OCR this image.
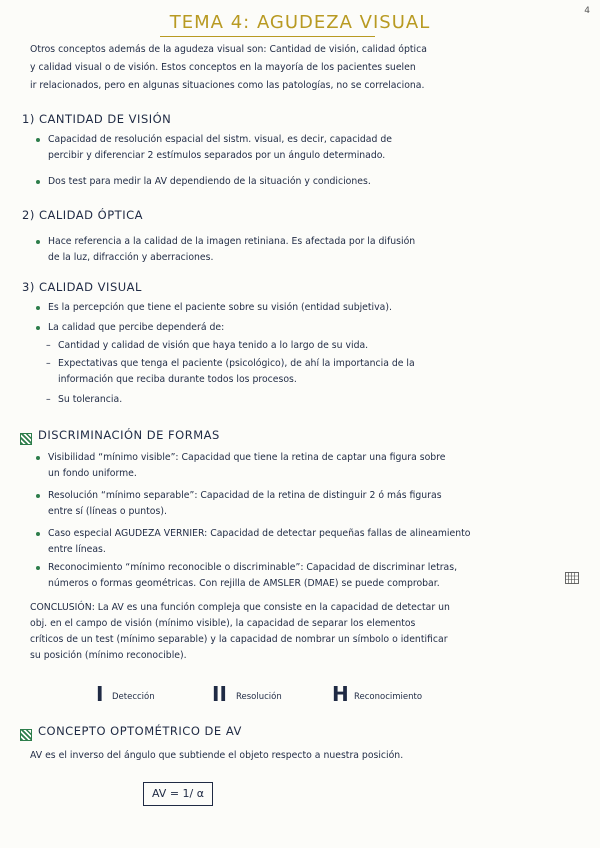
4
TEMA 4: AGUDEZA VISUAL
Otros conceptos además de la agudeza visual son: Cantidad de visión, calidad óptica
y calidad visual o de visión. Estos conceptos en la mayoría de los pacientes suelen
ir relacionados, pero en algunas situaciones como las patologías, no se correlaciona.
1) CANTIDAD DE VISIÓN
Capacidad de resolución espacial del sistm. visual, es decir, capacidad de
percibir y diferenciar 2 estímulos separados por un ángulo determinado.
Dos test para medir la AV dependiendo de la situación y condiciones.
2) CALIDAD ÓPTICA
Hace referencia a la calidad de la imagen retiniana. Es afectada por la difusión
de la luz, difracción y aberraciones.
3) CALIDAD VISUAL
Es la percepción que tiene el paciente sobre su visión (entidad subjetiva).
La calidad que percibe dependerá de:
– Cantidad y calidad de visión que haya tenido a lo largo de su vida.
– Expectativas que tenga el paciente (psicológico), de ahí la importancia de la
información que reciba durante todos los procesos.
– Su tolerancia.
DISCRIMINACIÓN DE FORMAS
Visibilidad “mínimo visible”: Capacidad que tiene la retina de captar una figura sobre
un fondo uniforme.
Resolución “mínimo separable”: Capacidad de la retina de distinguir 2 ó más figuras
entre sí (líneas o puntos).
Caso especial AGUDEZA VERNIER: Capacidad de detectar pequeñas fallas de alineamiento
entre líneas.
Reconocimiento “mínimo reconocible o discriminable”: Capacidad de discriminar letras,
números o formas geométricas. Con rejilla de AMSLER (DMAE) se puede comprobar.
CONCLUSIÓN: La AV es una función compleja que consiste en la capacidad de detectar un
obj. en el campo de visión (mínimo visible), la capacidad de separar los elementos
críticos de un test (mínimo separable) y la capacidad de nombrar un símbolo o identificar
su posición (mínimo reconocible).
I Detección	II Resolución	H Reconocimiento
CONCEPTO OPTOMÉTRICO DE AV
AV es el inverso del ángulo que subtiende el objeto respecto a nuestra posición.
AV = 1/ α
